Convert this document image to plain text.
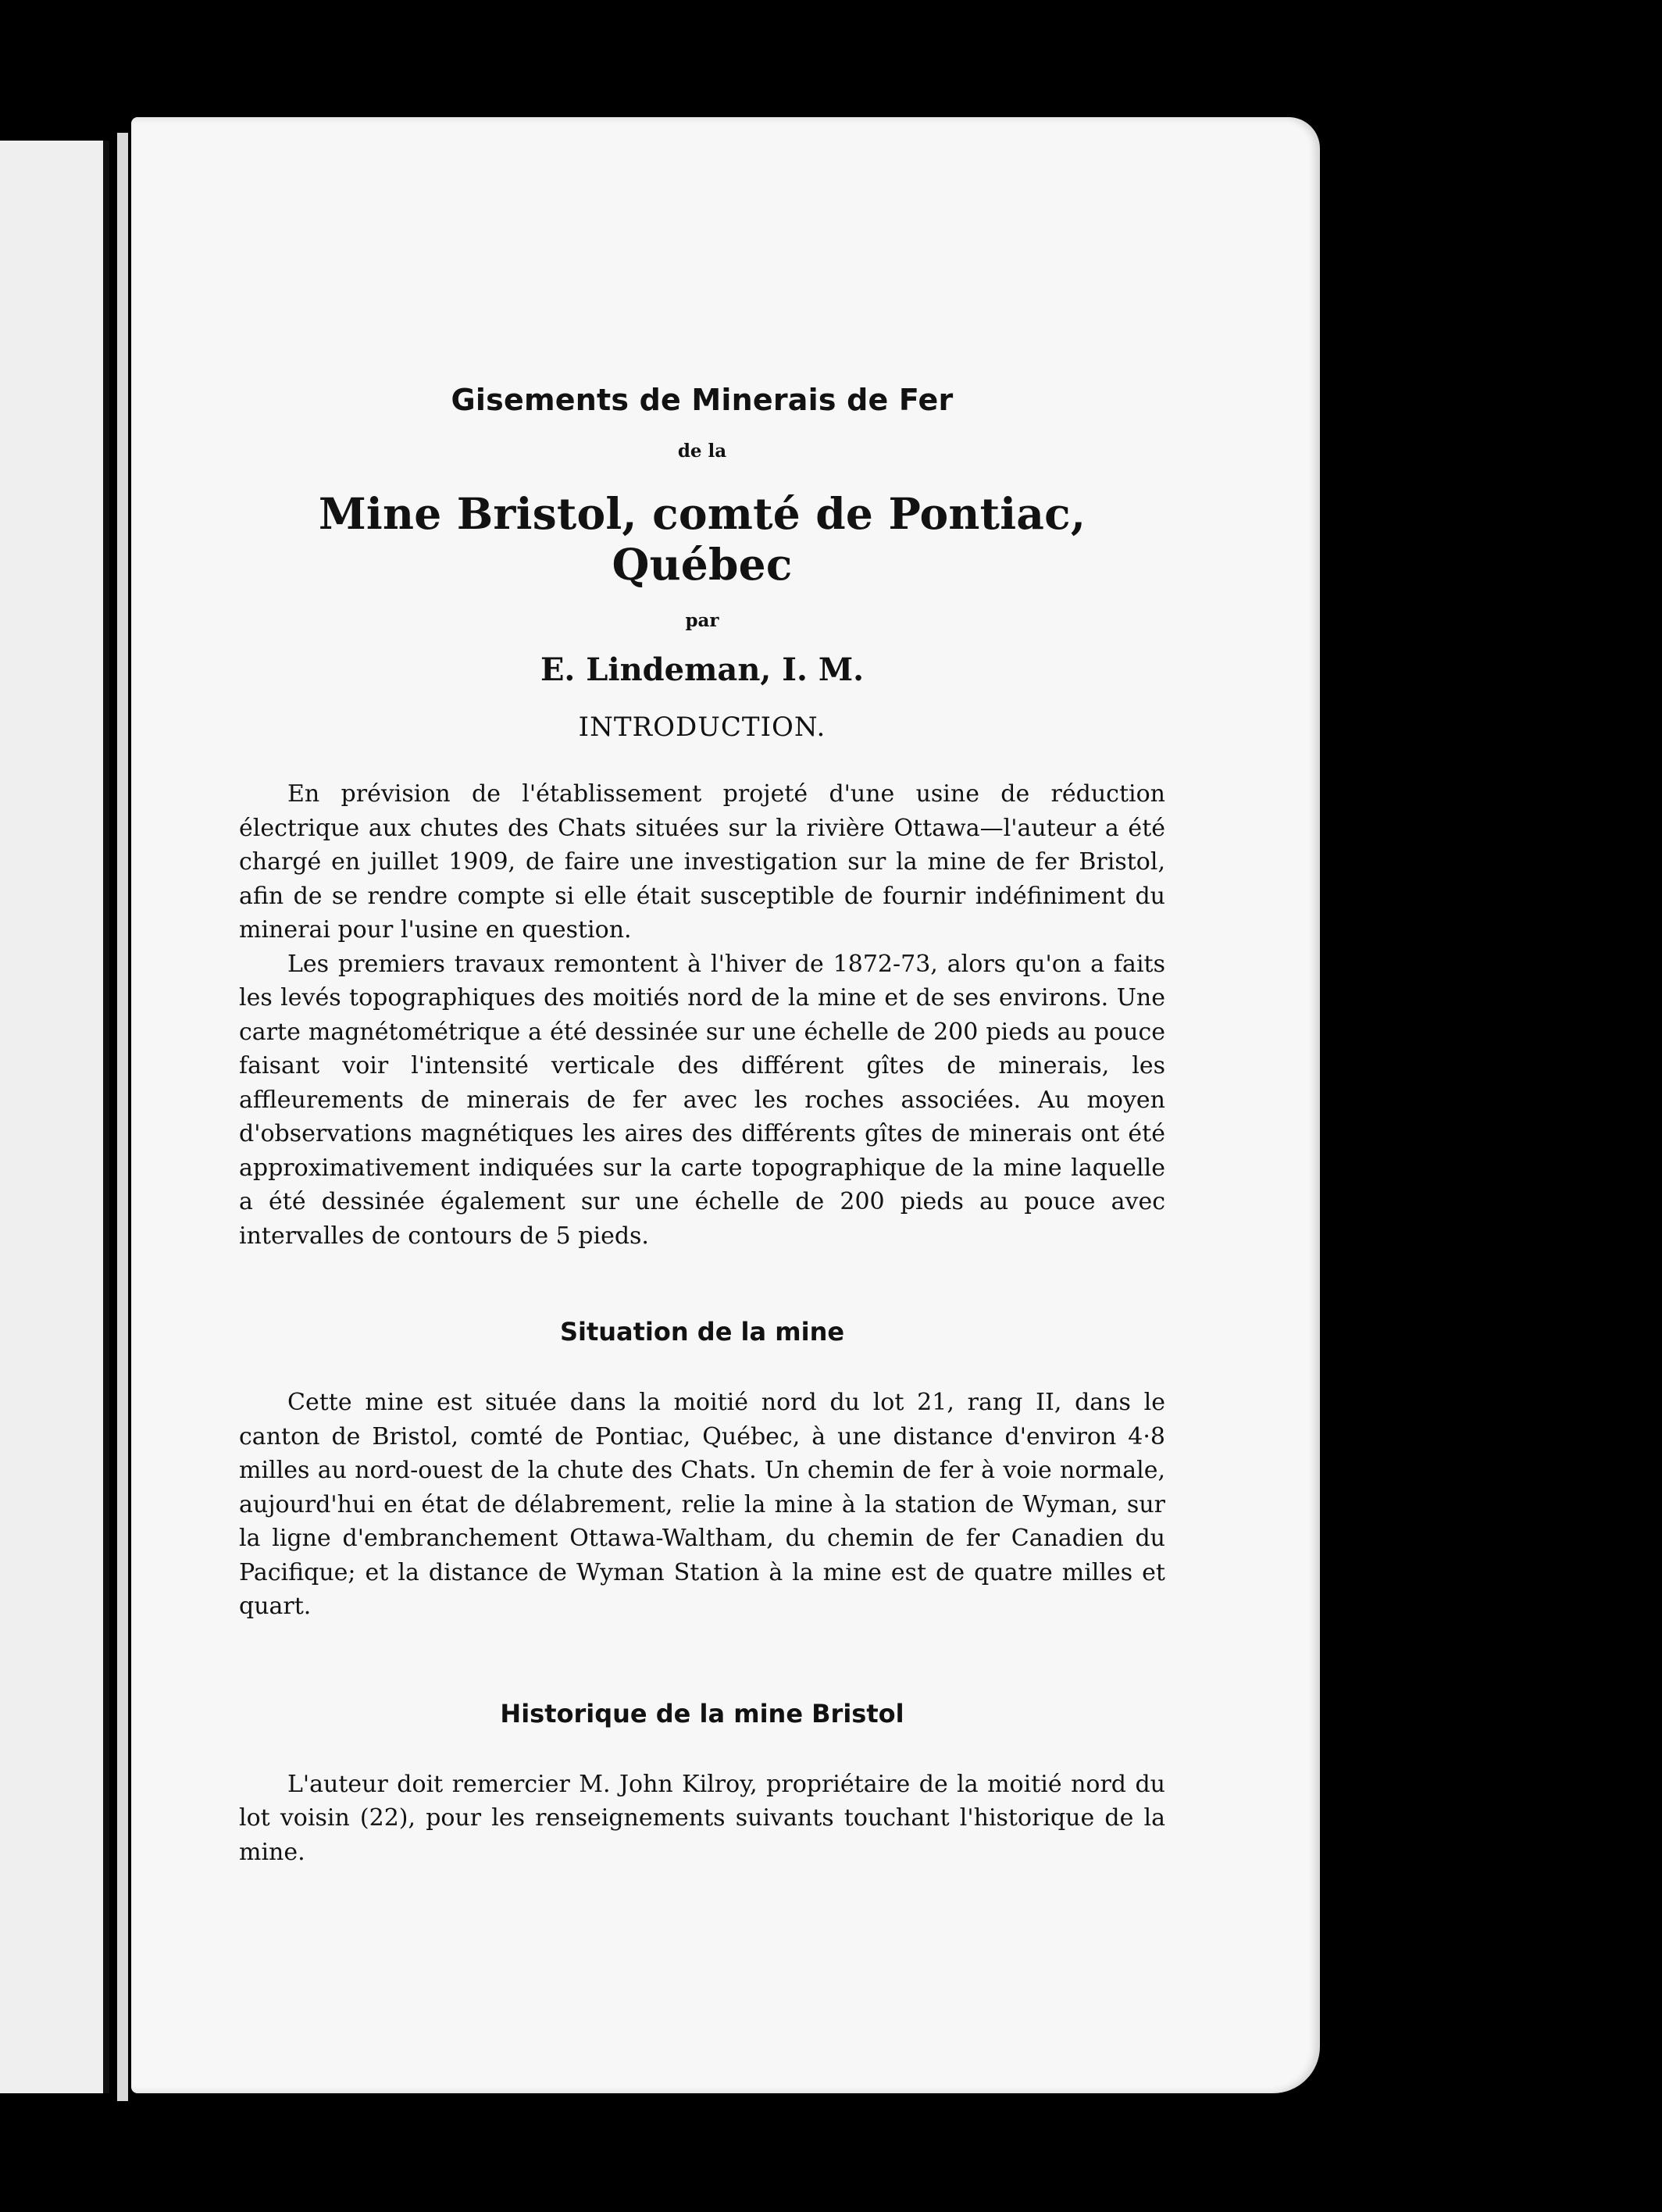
Gisements de Minerais de Fer
de la
Mine Bristol, comté de Pontiac, Québec
par
E. Lindeman, I. M.
INTRODUCTION.

En prévision de l'établissement projeté d'une usine de réduction électrique aux chutes des Chats situées sur la rivière Ottawa—l'auteur a été chargé en juillet 1909, de faire une investigation sur la mine de fer Bristol, afin de se rendre compte si elle était susceptible de fournir indéfiniment du minerai pour l'usine en question.

Les premiers travaux remontent à l'hiver de 1872-73, alors qu'on a faits les levés topographiques des moitiés nord de la mine et de ses environs. Une carte magnétométrique a été dessinée sur une échelle de 200 pieds au pouce faisant voir l'intensité verticale des différent gîtes de minerais, les affleurements de minerais de fer avec les roches associées. Au moyen d'observations magnétiques les aires des différents gîtes de minerais ont été approximativement indiquées sur la carte topographique de la mine laquelle a été dessinée également sur une échelle de 200 pieds au pouce avec intervalles de contours de 5 pieds.

Situation de la mine

Cette mine est située dans la moitié nord du lot 21, rang II, dans le canton de Bristol, comté de Pontiac, Québec, à une distance d'environ 4·8 milles au nord-ouest de la chute des Chats. Un chemin de fer à voie normale, aujourd'hui en état de délabrement, relie la mine à la station de Wyman, sur la ligne d'embranchement Ottawa-Waltham, du chemin de fer Canadien du Pacifique; et la distance de Wyman Station à la mine est de quatre milles et quart.

Historique de la mine Bristol

L'auteur doit remercier M. John Kilroy, propriétaire de la moitié nord du lot voisin (22), pour les renseignements suivants touchant l'historique de la mine.
